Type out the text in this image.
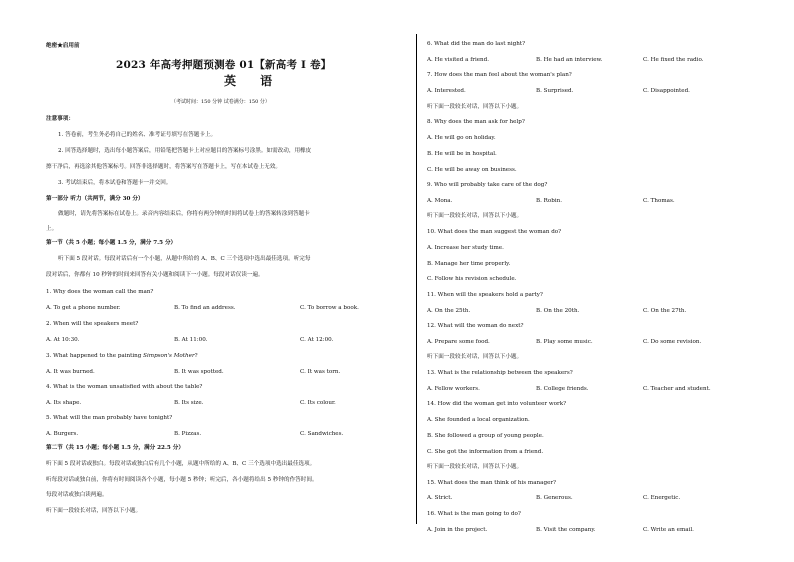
绝密★启用前
2023 年高考押题预测卷 01【新高考 I 卷】
英 语
（考试时间：150 分钟 试卷满分：150 分）
注意事项：
1. 答卷前，考生务必将自己的姓名、准考证号填写在答题卡上。
2. 回答选择题时，选出每小题答案后，用铅笔把答题卡上对应题目的答案标号涂黑。如需改动，用橡皮
擦干净后，再选涂其他答案标号。回答非选择题时，将答案写在答题卡上，写在本试卷上无效。
3. 考试结束后，将本试卷和答题卡一并交回。
第一部分 听力（共两节，满分 30 分）
做题时，请先将答案标在试卷上。录音内容结束后，你将有两分钟的时间将试卷上的答案转涂到答题卡
上。
第一节（共 5 小题；每小题 1.5 分，满分 7.5 分）
听下面 5 段对话。每段对话后有一个小题，从题中所给的 A、B、C 三个选项中选出最佳选项。听完每
段对话后，你都有 10 秒钟的时间来回答有关小题和阅读下一小题。每段对话仅读一遍。
1. Why does the woman call the man?
A. To get a phone number.	B. To find an address.	C. To borrow a book.
2. When will the speakers meet?
A. At 10:30.	B. At 11:00.	C. At 12:00.
3. What happened to the painting Simpson's Mother?
A. It was burned.	B. It was spotted.	C. It was torn.
4. What is the woman unsatisfied with about the table?
A. Its shape.	B. Its size.	C. Its colour.
5. What will the man probably have tonight?
A. Burgers.	B. Pizzas.	C. Sandwiches.
第二节（共 15 小题；每小题 1.5 分，满分 22.5 分）
听下面 5 段对话或独白。每段对话或独白后有几个小题，从题中所给的 A、B、C 三个选项中选出最佳选项。
听每段对话或独白前，你将有时间阅读各个小题，每小题 5 秒钟；听完后，各小题将给出 5 秒钟的作答时间。
每段对话或独白读两遍。
听下面一段较长对话，回答以下小题。
6. What did the man do last night?
A. He visited a friend.	B. He had an interview.	C. He fixed the radio.
7. How does the man feel about the woman's plan?
A. Interested.	B. Surprised.	C. Disappointed.
听下面一段较长对话，回答以下小题。
8. Why does the man ask for help?
A. He will go on holiday.
B. He will be in hospital.
C. He will be away on business.
9. Who will probably take care of the dog?
A. Mona.	B. Robin.	C. Thomas.
听下面一段较长对话，回答以下小题。
10. What does the man suggest the woman do?
A. Increase her study time.
B. Manage her time properly.
C. Follow his revision schedule.
11. When will the speakers hold a party?
A. On the 25th.	B. On the 20th.	C. On the 27th.
12. What will the woman do next?
A. Prepare some food.	B. Play some music.	C. Do some revision.
听下面一段较长对话，回答以下小题。
13. What is the relationship between the speakers?
A. Fellow workers.	B. College friends.	C. Teacher and student.
14. How did the woman get into volunteer work?
A. She founded a local organization.
B. She followed a group of young people.
C. She got the information from a friend.
听下面一段较长对话，回答以下小题。
15. What does the man think of his manager?
A. Strict.	B. Generous.	C. Energetic.
16. What is the man going to do?
A. Join in the project.	B. Visit the company.	C. Write an email.
